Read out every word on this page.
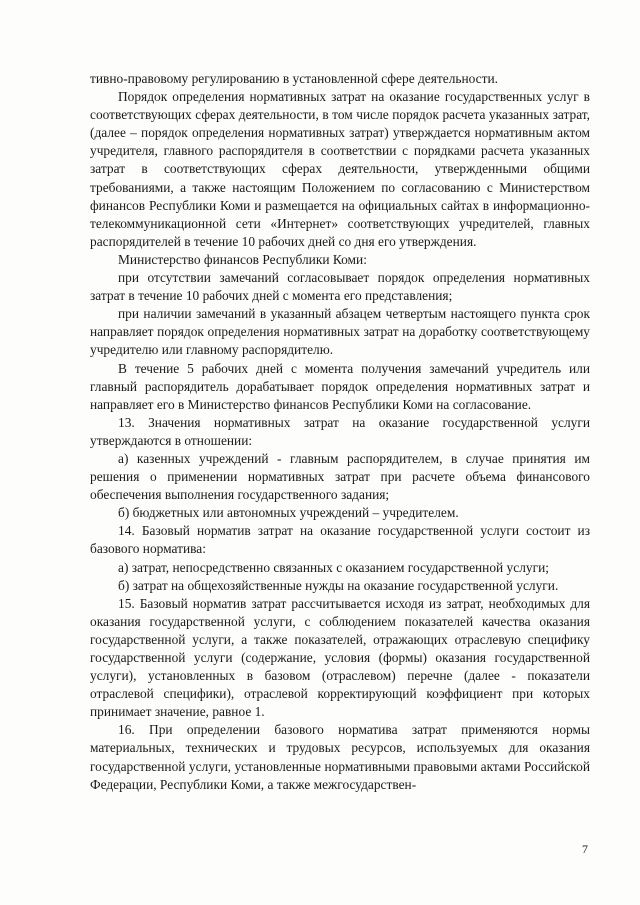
тивно-правовому регулированию в установленной сфере деятельности.

Порядок определения нормативных затрат на оказание государственных услуг в соответствующих сферах деятельности, в том числе порядок расчета указанных затрат, (далее – порядок определения нормативных затрат) утверждается нормативным актом учредителя, главного распорядителя в соответствии с порядками расчета указанных затрат в соответствующих сферах деятельности, утвержденными общими требованиями, а также настоящим Положением по согласованию с Министерством финансов Республики Коми и размещается на официальных сайтах в информационно-телекоммуникационной сети «Интернет» соответствующих учредителей, главных распорядителей в течение 10 рабочих дней со дня его утверждения.

Министерство финансов Республики Коми:

при отсутствии замечаний согласовывает порядок определения нормативных затрат в течение 10 рабочих дней с момента его представления;

при наличии замечаний в указанный абзацем четвертым настоящего пункта срок направляет порядок определения нормативных затрат на доработку соответствующему учредителю или главному распорядителю.

В течение 5 рабочих дней с момента получения замечаний учредитель или главный распорядитель дорабатывает порядок определения нормативных затрат и направляет его в Министерство финансов Республики Коми на согласование.

13. Значения нормативных затрат на оказание государственной услуги утверждаются в отношении:

а) казенных учреждений - главным распорядителем, в случае принятия им решения о применении нормативных затрат при расчете объема финансового обеспечения выполнения государственного задания;

б) бюджетных или автономных учреждений – учредителем.

14. Базовый норматив затрат на оказание государственной услуги состоит из базового норматива:

а) затрат, непосредственно связанных с оказанием государственной услуги;

б) затрат на общехозяйственные нужды на оказание государственной услуги.

15. Базовый норматив затрат рассчитывается исходя из затрат, необходимых для оказания государственной услуги, с соблюдением показателей качества оказания государственной услуги, а также показателей, отражающих отраслевую специфику государственной услуги (содержание, условия (формы) оказания государственной услуги), установленных в базовом (отраслевом) перечне (далее - показатели отраслевой специфики), отраслевой корректирующий коэффициент при которых принимает значение, равное 1.

16. При определении базового норматива затрат применяются нормы материальных, технических и трудовых ресурсов, используемых для оказания государственной услуги, установленные нормативными правовыми актами Российской Федерации, Республики Коми, а также межгосударствен-

7
